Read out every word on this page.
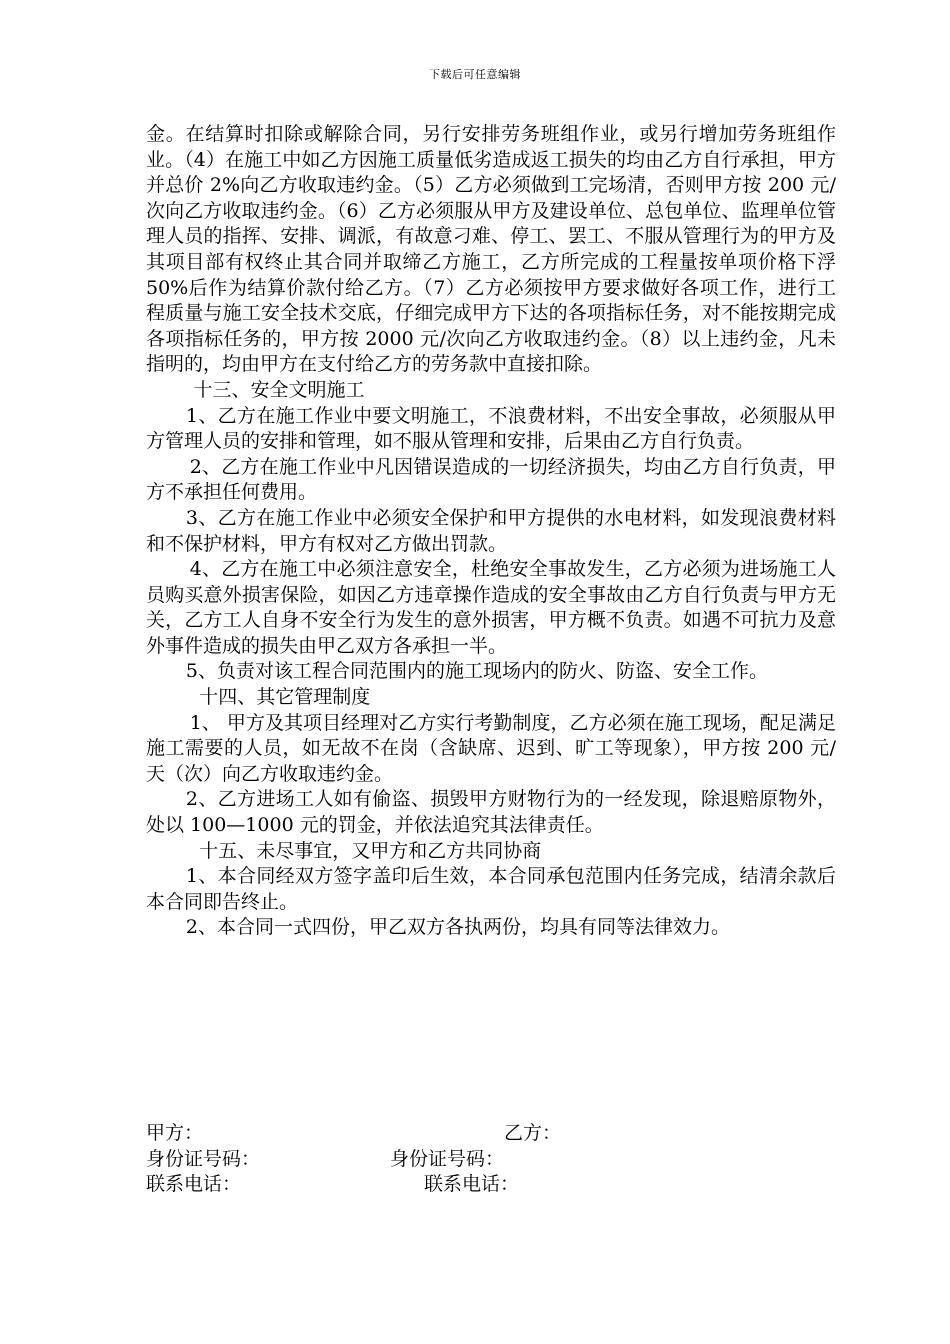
下载后可任意编辑

金。在结算时扣除或解除合同，另行安排劳务班组作业，或另行增加劳务班组作业。（4）在施工中如乙方因施工质量低劣造成返工损失的均由乙方自行承担，甲方并总价 2%向乙方收取违约金。（5）乙方必须做到工完场清，否则甲方按 200 元/次向乙方收取违约金。（6）乙方必须服从甲方及建设单位、总包单位、监理单位管理人员的指挥、安排、调派，有故意刁难、停工、罢工、不服从管理行为的甲方及其项目部有权终止其合同并取缔乙方施工，乙方所完成的工程量按单项价格下浮 50%后作为结算价款付给乙方。（7）乙方必须按甲方要求做好各项工作，进行工程质量与施工安全技术交底，仔细完成甲方下达的各项指标任务，对不能按期完成各项指标任务的，甲方按 2000 元/次向乙方收取违约金。（8）以上违约金，凡未指明的，均由甲方在支付给乙方的劳务款中直接扣除。

十三、安全文明施工

1、乙方在施工作业中要文明施工，不浪费材料，不出安全事故，必须服从甲方管理人员的安排和管理，如不服从管理和安排，后果由乙方自行负责。

2、乙方在施工作业中凡因错误造成的一切经济损失，均由乙方自行负责，甲方不承担任何费用。

3、乙方在施工作业中必须安全保护和甲方提供的水电材料，如发现浪费材料和不保护材料，甲方有权对乙方做出罚款。

4、乙方在施工中必须注意安全，杜绝安全事故发生，乙方必须为进场施工人员购买意外损害保险，如因乙方违章操作造成的安全事故由乙方自行负责与甲方无关，乙方工人自身不安全行为发生的意外损害，甲方概不负责。如遇不可抗力及意外事件造成的损失由甲乙双方各承担一半。

5、负责对该工程合同范围内的施工现场内的防火、防盗、安全工作。

十四、其它管理制度

1、 甲方及其项目经理对乙方实行考勤制度，乙方必须在施工现场，配足满足施工需要的人员，如无故不在岗（含缺席、迟到、旷工等现象），甲方按 200 元/天（次）向乙方收取违约金。

2、乙方进场工人如有偷盗、损毁甲方财物行为的一经发现，除退赔原物外，处以 100—1000 元的罚金，并依法追究其法律责任。

十五、未尽事宜，又甲方和乙方共同协商

1、本合同经双方签字盖印后生效，本合同承包范围内任务完成，结清余款后本合同即告终止。

2、本合同一式四份，甲乙双方各执两份，均具有同等法律效力。

甲方：	乙方：
身份证号码：	身份证号码：
联系电话：	联系电话：
